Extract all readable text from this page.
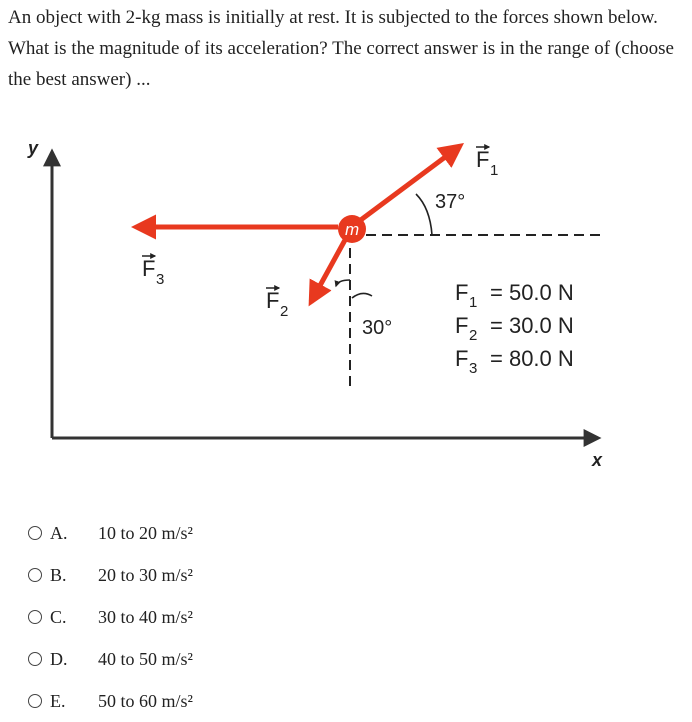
An object with 2-kg mass is initially at rest. It is subjected to the forces shown below. What is the magnitude of its acceleration? The correct answer is in the range of (choose the best answer) ...
y
x
m
F 1
F 2
F 3
37°
30°
F 1 = 50.0 N
F 2 = 30.0 N
F 3 = 80.0 N
A.	10 to 20 m/s²
B.	20 to 30 m/s²
C.	30 to 40 m/s²
D.	40 to 50 m/s²
E.	50 to 60 m/s²
